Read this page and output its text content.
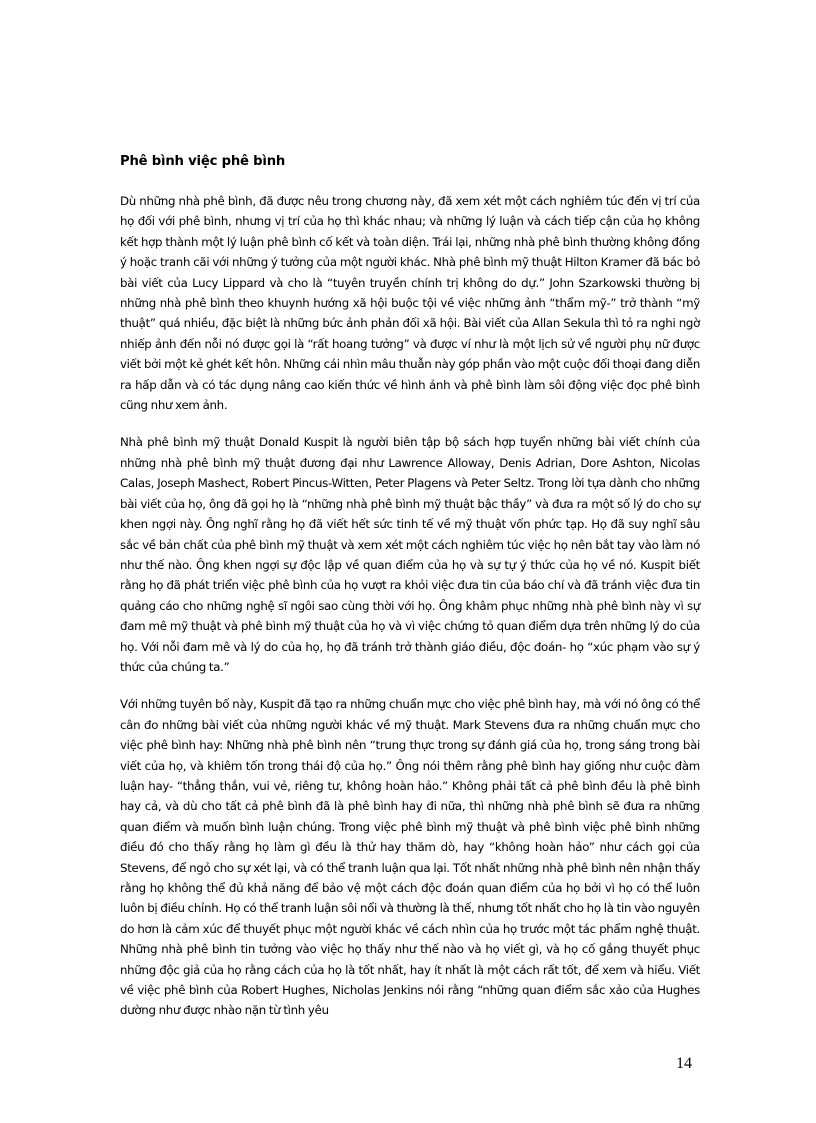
Phê bình việc phê bình

Dù những nhà phê bình, đã được nêu trong chương này, đã xem xét một cách nghiêm túc đến vị trí của họ đối với phê bình, nhưng vị trí của họ thì khác nhau; và những lý luận và cách tiếp cận của họ không kết hợp thành một lý luận phê bình cố kết và toàn diện. Trái lại, những nhà phê bình thường không đồng ý hoặc tranh cãi với những ý tưởng của một người khác. Nhà phê bình mỹ thuật Hilton Kramer đã bác bỏ bài viết của Lucy Lippard và cho là “tuyên truyền chính trị không do dự.” John Szarkowski thường bị những nhà phê bình theo khuynh hướng xã hội buộc tội về việc những ảnh “thẩm mỹ-” trở thành “mỹ thuật” quá nhiều, đặc biệt là những bức ảnh phản đối xã hội. Bài viết của Allan Sekula thì tỏ ra nghi ngờ nhiếp ảnh đến nỗi nó được gọi là “rất hoang tưởng” và được ví như là một lịch sử về người phụ nữ được viết bởi một kẻ ghét kết hôn. Những cái nhìn mâu thuẫn này góp phần vào một cuộc đối thoại đang diễn ra hấp dẫn và có tác dụng nâng cao kiến thức về hình ảnh và phê bình làm sôi động việc đọc phê bình cũng như xem ảnh.

Nhà phê bình mỹ thuật Donald Kuspit là người biên tập bộ sách hợp tuyển những bài viết chính của những nhà phê bình mỹ thuật đương đại như Lawrence Alloway, Denis Adrian, Dore Ashton, Nicolas Calas, Joseph Mashect, Robert Pincus-Witten, Peter Plagens và Peter Seltz. Trong lời tựa dành cho những bài viết của họ, ông đã gọi họ là “những nhà phê bình mỹ thuật bậc thầy” và đưa ra một số lý do cho sự khen ngợi này. Ông nghĩ rằng họ đã viết hết sức tinh tế về mỹ thuật vốn phức tạp. Họ đã suy nghĩ sâu sắc về bản chất của phê bình mỹ thuật và xem xét một cách nghiêm túc việc họ nên bắt tay vào làm nó như thế nào. Ông khen ngợi sự độc lập về quan điểm của họ và sự tự ý thức của họ về nó. Kuspit biết rằng họ đã phát triển việc phê bình của họ vượt ra khỏi việc đưa tin của báo chí và đã tránh việc đưa tin quảng cáo cho những nghệ sĩ ngôi sao cùng thời với họ. Ông khâm phục những nhà phê bình này vì sự đam mê mỹ thuật và phê bình mỹ thuật của họ và vì việc chứng tỏ quan điểm dựa trên những lý do của họ. Với nỗi đam mê và lý do của họ, họ đã tránh trở thành giáo điều, độc đoán- họ “xúc phạm vào sự ý thức của chúng ta.”

Với những tuyên bố này, Kuspit đã tạo ra những chuẩn mực cho việc phê bình hay, mà với nó ông có thể cân đo những bài viết của những người khác về mỹ thuật. Mark Stevens đưa ra những chuẩn mực cho việc phê bình hay: Những nhà phê bình nên “trung thực trong sự đánh giá của họ, trong sáng trong bài viết của họ, và khiêm tốn trong thái độ của họ.” Ông nói thêm rằng phê bình hay giống như cuộc đàm luận hay- “thẳng thắn, vui vẻ, riêng tư, không hoàn hảo.” Không phải tất cả phê bình đều là phê bình hay cả, và dù cho tất cả phê bình đã là phê bình hay đi nữa, thì những nhà phê bình sẽ đưa ra những quan điểm và muốn bình luận chúng. Trong việc phê bình mỹ thuật và phê bình việc phê bình những điều đó cho thấy rằng họ làm gì đều là thử hay thăm dò, hay “không hoàn hảo” như cách gọi của Stevens, để ngỏ cho sự xét lại, và có thể tranh luận qua lại. Tốt nhất những nhà phê bình nên nhận thấy rằng họ không thể đủ khả năng để bảo vệ một cách độc đoán quan điểm của họ bởi vì họ có thể luôn luôn bị điều chỉnh. Họ có thể tranh luận sôi nổi và thường là thế, nhưng tốt nhất cho họ là tin vào nguyên do hơn là cảm xúc để thuyết phục một người khác về cách nhìn của họ trước một tác phẩm nghệ thuật. Những nhà phê bình tin tưởng vào việc họ thấy như thế nào và họ viết gì, và họ cố gắng thuyết phục những độc giả của họ rằng cách của họ là tốt nhất, hay ít nhất là một cách rất tốt, để xem và hiểu. Viết về việc phê bình của Robert Hughes, Nicholas Jenkins nói rằng “những quan điểm sắc xảo của Hughes dường như được nhào nặn từ tình yêu

14
